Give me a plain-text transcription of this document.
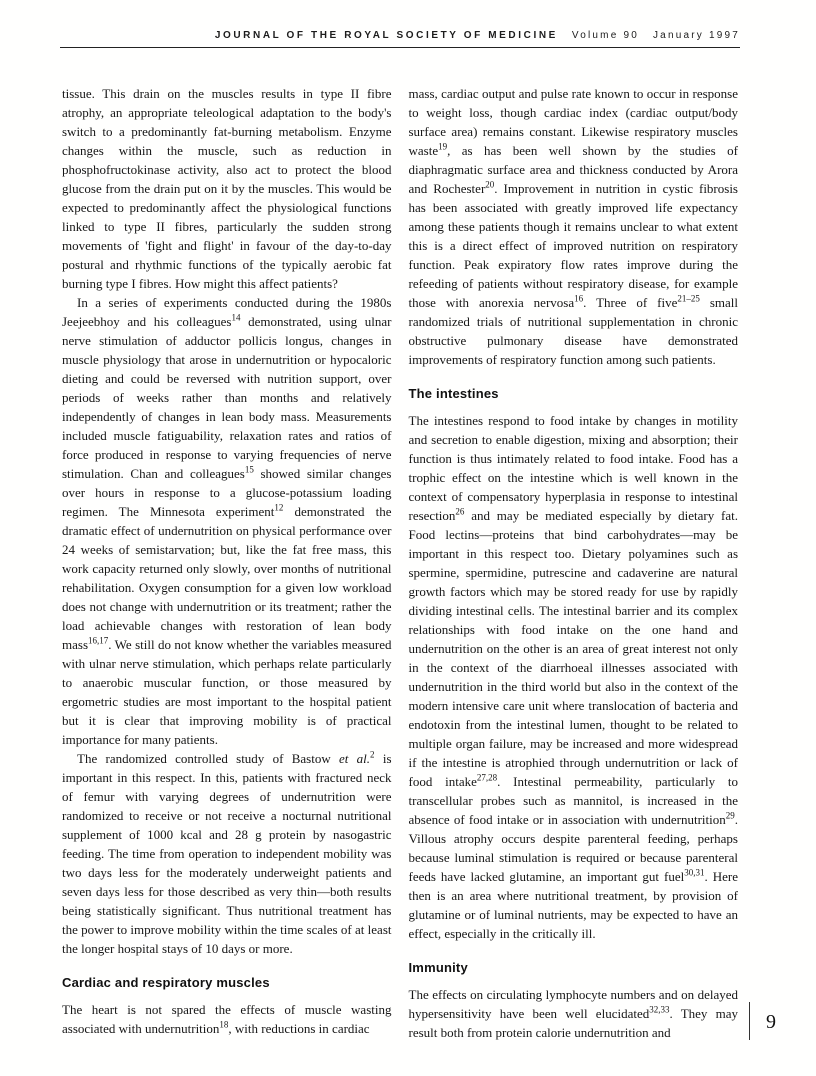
JOURNAL OF THE ROYAL SOCIETY OF MEDICINE Volume 90 January 1997

tissue. This drain on the muscles results in type II fibre atrophy, an appropriate teleological adaptation to the body's switch to a predominantly fat-burning metabolism. Enzyme changes within the muscle, such as reduction in phosphofructokinase activity, also act to protect the blood glucose from the drain put on it by the muscles. This would be expected to predominantly affect the physiological functions linked to type II fibres, particularly the sudden strong movements of 'fight and flight' in favour of the day-to-day postural and rhythmic functions of the typically aerobic fat burning type I fibres. How might this affect patients?

In a series of experiments conducted during the 1980s Jeejeebhoy and his colleagues$^{14}$ demonstrated, using ulnar nerve stimulation of adductor pollicis longus, changes in muscle physiology that arose in undernutrition or hypocaloric dieting and could be reversed with nutrition support, over periods of weeks rather than months and relatively independently of changes in lean body mass. Measurements included muscle fatiguability, relaxation rates and ratios of force produced in response to varying frequencies of nerve stimulation. Chan and colleagues$^{15}$ showed similar changes over hours in response to a glucose-potassium loading regimen. The Minnesota experiment$^{12}$ demonstrated the dramatic effect of undernutrition on physical performance over 24 weeks of semistarvation; but, like the fat free mass, this work capacity returned only slowly, over months of nutritional rehabilitation. Oxygen consumption for a given low workload does not change with undernutrition or its treatment; rather the load achievable changes with restoration of lean body mass$^{16,17}$. We still do not know whether the variables measured with ulnar nerve stimulation, which perhaps relate particularly to anaerobic muscular function, or those measured by ergometric studies are most important to the hospital patient but it is clear that improving mobility is of practical importance for many patients.

The randomized controlled study of Bastow et al.$^2$ is important in this respect. In this, patients with fractured neck of femur with varying degrees of undernutrition were randomized to receive or not receive a nocturnal nutritional supplement of 1000 kcal and 28 g protein by nasogastric feeding. The time from operation to independent mobility was two days less for the moderately underweight patients and seven days less for those described as very thin—both results being statistically significant. Thus nutritional treatment has the power to improve mobility within the time scales of at least the longer hospital stays of 10 days or more.

Cardiac and respiratory muscles

The heart is not spared the effects of muscle wasting associated with undernutrition$^{18}$, with reductions in cardiac

mass, cardiac output and pulse rate known to occur in response to weight loss, though cardiac index (cardiac output/body surface area) remains constant. Likewise respiratory muscles waste$^{19}$, as has been well shown by the studies of diaphragmatic surface area and thickness conducted by Arora and Rochester$^{20}$. Improvement in nutrition in cystic fibrosis has been associated with greatly improved life expectancy among these patients though it remains unclear to what extent this is a direct effect of improved nutrition on respiratory function. Peak expiratory flow rates improve during the refeeding of patients without respiratory disease, for example those with anorexia nervosa$^{16}$. Three of five$^{21-25}$ small randomized trials of nutritional supplementation in chronic obstructive pulmonary disease have demonstrated improvements of respiratory function among such patients.

The intestines

The intestines respond to food intake by changes in motility and secretion to enable digestion, mixing and absorption; their function is thus intimately related to food intake. Food has a trophic effect on the intestine which is well known in the context of compensatory hyperplasia in response to intestinal resection$^{26}$ and may be mediated especially by dietary fat. Food lectins—proteins that bind carbohydrates—may be important in this respect too. Dietary polyamines such as spermine, spermidine, putrescine and cadaverine are natural growth factors which may be stored ready for use by rapidly dividing intestinal cells. The intestinal barrier and its complex relationships with food intake on the one hand and undernutrition on the other is an area of great interest not only in the context of the diarrhoeal illnesses associated with undernutrition in the third world but also in the context of the modern intensive care unit where translocation of bacteria and endotoxin from the intestinal lumen, thought to be related to multiple organ failure, may be increased and more widespread if the intestine is atrophied through undernutrition or lack of food intake$^{27,28}$. Intestinal permeability, particularly to transcellular probes such as mannitol, is increased in the absence of food intake or in association with undernutrition$^{29}$. Villous atrophy occurs despite parenteral feeding, perhaps because luminal stimulation is required or because parenteral feeds have lacked glutamine, an important gut fuel$^{30,31}$. Here then is an area where nutritional treatment, by provision of glutamine or of luminal nutrients, may be expected to have an effect, especially in the critically ill.

Immunity

The effects on circulating lymphocyte numbers and on delayed hypersensitivity have been well elucidated$^{32,33}$. They may result both from protein calorie undernutrition and	9
